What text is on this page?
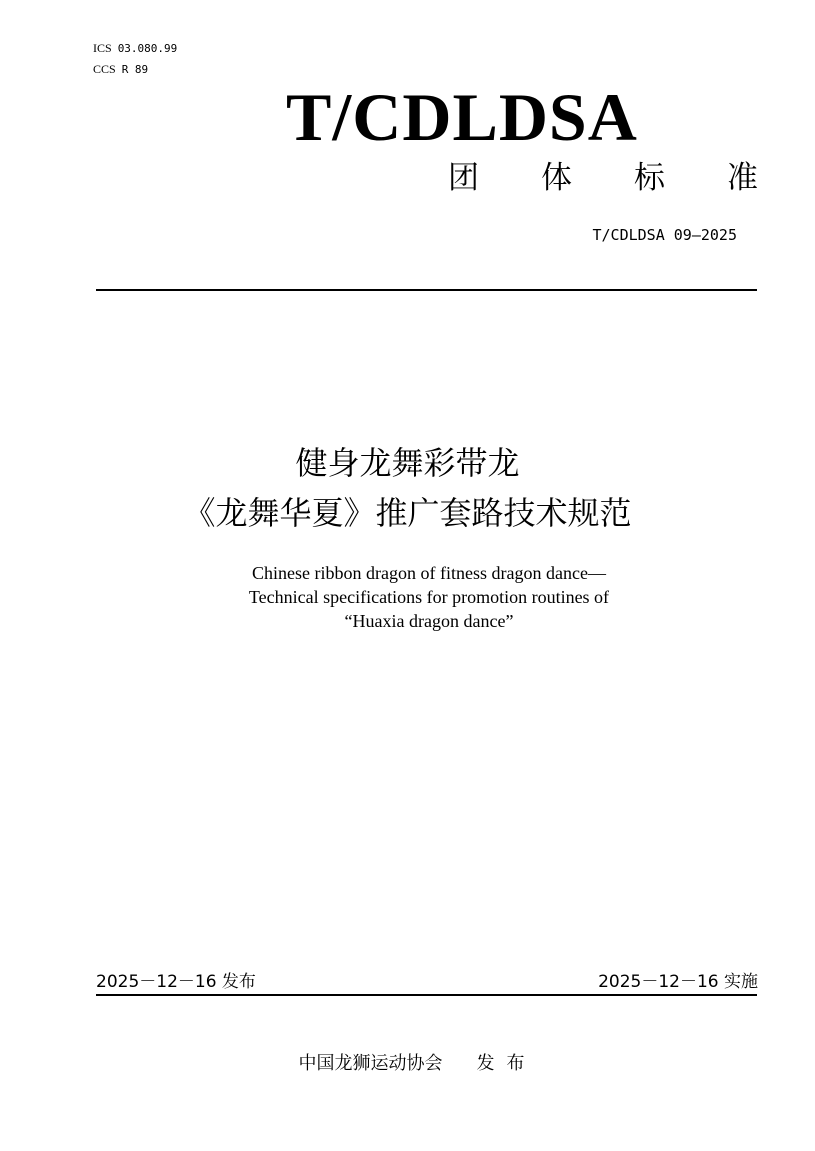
ICS 03.080.99
CCS R 89
T/CDLDSA
团 体 标 准
T/CDLDSA 09—2025
健身龙舞彩带龙
《龙舞华夏》推广套路技术规范
Chinese ribbon dragon of fitness dragon dance—
Technical specifications for promotion routines of
“Huaxia dragon dance”
2025－12－16 发布	2025－12－16 实施
中国龙狮运动协会 发布
